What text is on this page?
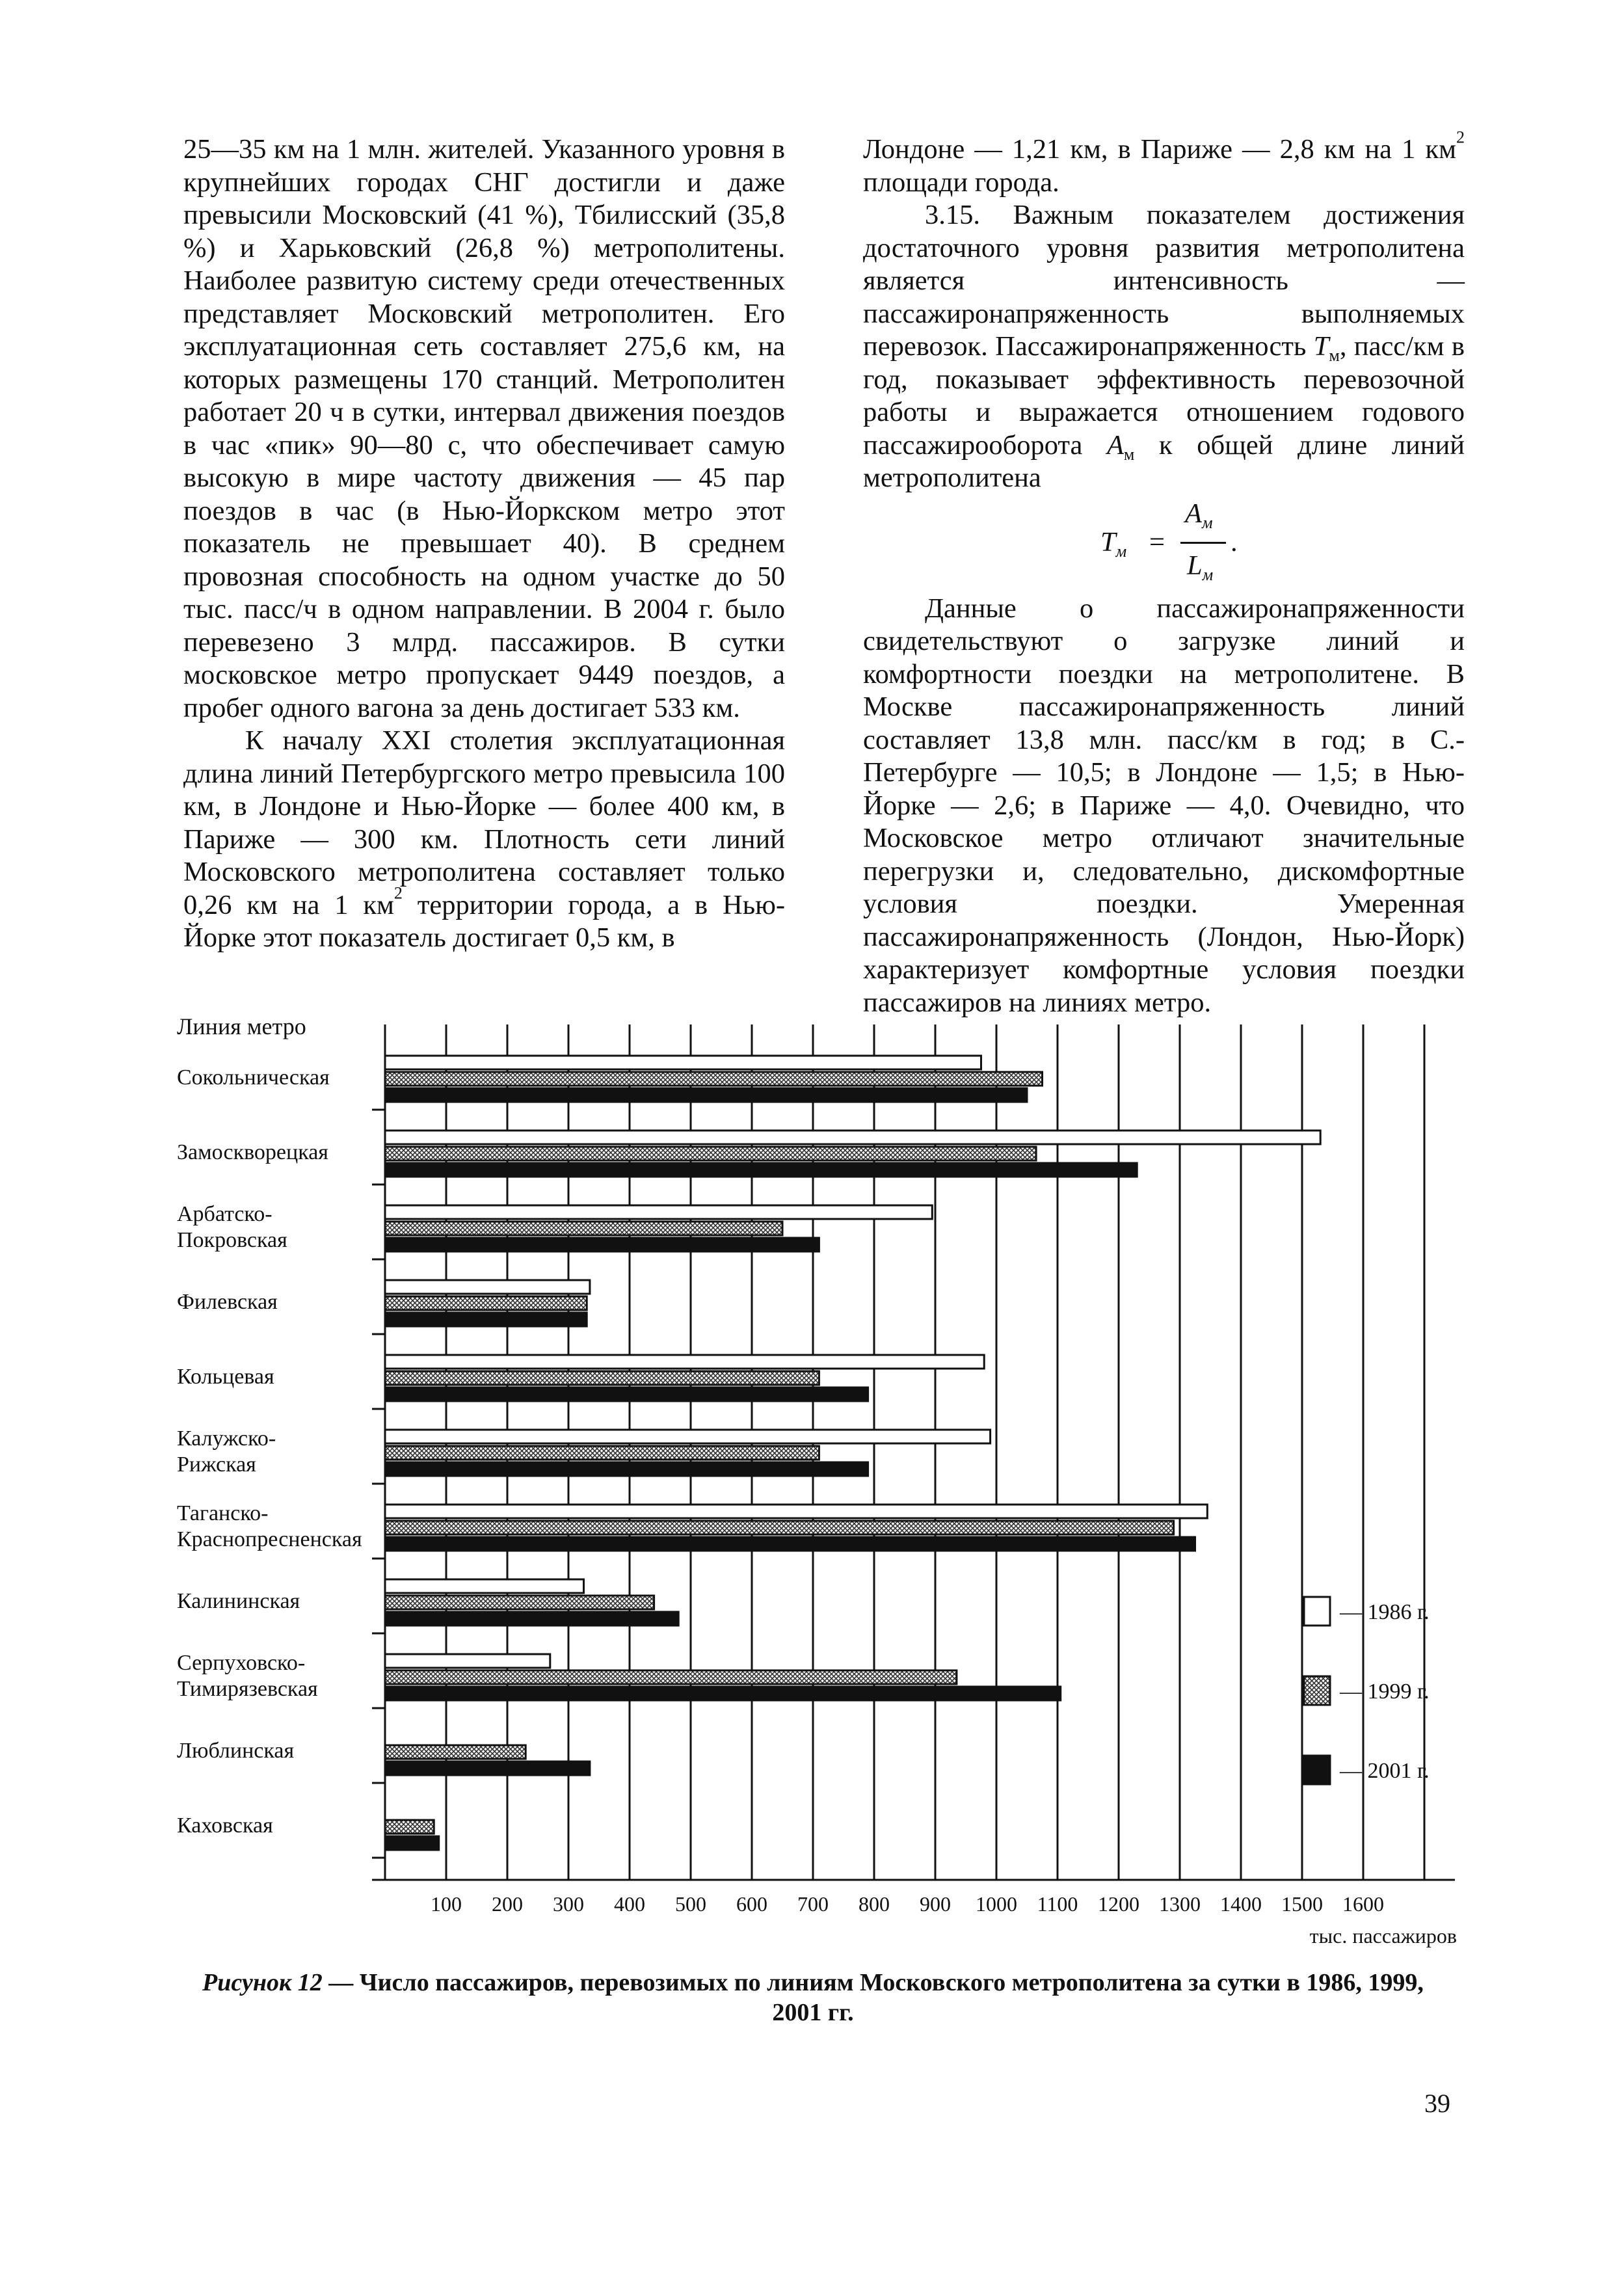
25—35 км на 1 млн. жителей. Указанного уровня в крупнейших городах СНГ достигли и даже превысили Московский (41 %), Тбилисский (35,8 %) и Харьковский (26,8 %) метрополитены. Наиболее развитую систему среди отечественных представляет Московский метрополитен. Его эксплуатационная сеть составляет 275,6 км, на которых размещены 170 станций. Метрополитен работает 20 ч в сутки, интервал движения поездов в час «пик» 90—80 с, что обеспечивает самую высокую в мире частоту движения — 45 пар поездов в час (в Нью-Йоркском метро этот показатель не превышает 40). В среднем провозная способность на одном участке до 50 тыс. пасс/ч в одном направлении. В 2004 г. было перевезено 3 млрд. пассажиров. В сутки московское метро пропускает 9449 поездов, а пробег одного вагона за день достигает 533 км.

К началу XXI столетия эксплуатационная длина линий Петербургского метро превысила 100 км, в Лондоне и Нью-Йорке — более 400 км, в Париже — 300 км. Плотность сети линий Московского метрополитена составляет только 0,26 км на 1 $км^2$ территории города, а в Нью-Йорке этот показатель достигает 0,5 км, в

Лондоне — 1,21 км, в Париже — 2,8 км на 1 $км^2$ площади города.

3.15. Важным показателем достижения достаточного уровня развития метрополитена является интенсивность — пассажиронапряженность выполняемых перевозок. Пассажиронапряженность $T_м$, пасс/км в год, показывает эффективность перевозочной работы и выражается отношением годового пассажирооборота $A_м$ к общей длине линий метрополитена

$T_м$ =
$A_м$
$L_м$
.

Данные о пассажиронапряженности свидетельствуют о загрузке линий и комфортности поездки на метрополитене. В Москве пассажиронапряженность линий составляет 13,8 млн. пасс/км в год; в С.-Петербурге — 10,5; в Лондоне — 1,5; в Нью-Йорке — 2,6; в Париже — 4,0. Очевидно, что Московское метро отличают значительные перегрузки и, следовательно, дискомфортные условия поездки. Умеренная пассажиронапряженность (Лондон, Нью-Йорк) характеризует комфортные условия поездки пассажиров на линиях метро.

Сокольническая
Замоскворецкая
Арбатско-Покровская
Филевская
Кольцевая
Калужско-Рижская
Таганско-Краснопресненская
Калининская
Серпуховско-Тимирязевская
Люблинская
Каховская
100 200 300 400 500 600 700 800 900 1000 1100 1200 1300 1400 1500 1600
— 1986 г.
— 1999 г.
— 2001 г.
Линия метро
тыс. пассажиров
Рисунок 12 — Число пассажиров, перевозимых по линиям Московского метрополитена за сутки в 1986, 1999, 2001 гг.
39
